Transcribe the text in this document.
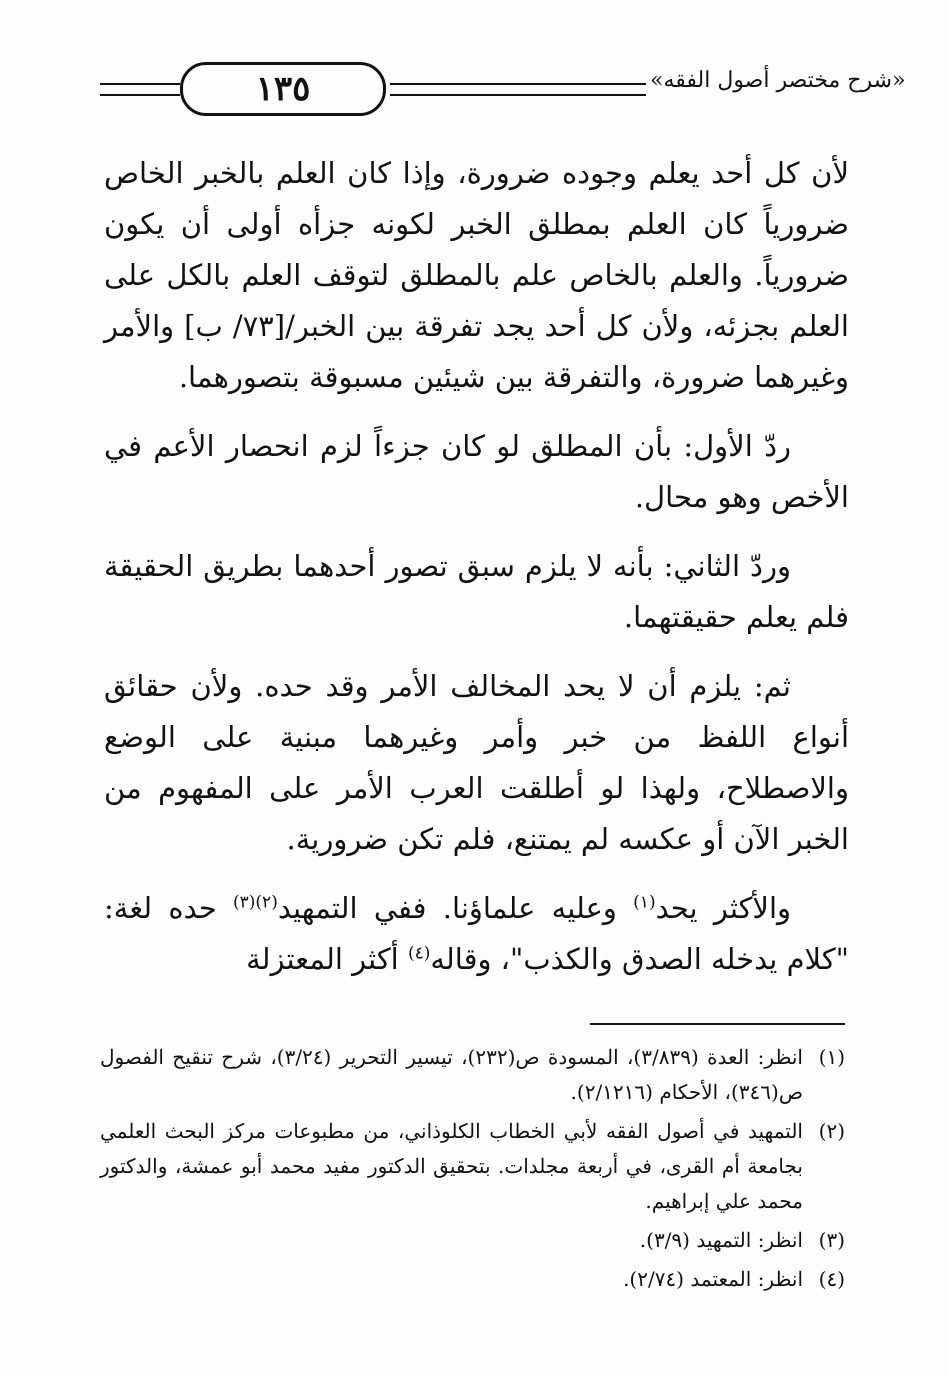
١٣٥	«شرح مختصر أصول الفقه»

لأن كل أحد يعلم وجوده ضرورة، وإذا كان العلم بالخبر الخاص ضرورياً كان العلم بمطلق الخبر لكونه جزأه أولى أن يكون ضرورياً. والعلم بالخاص علم بالمطلق لتوقف العلم بالكل على العلم بجزئه، ولأن كل أحد يجد تفرقة بين الخبر/[٧٣/ ب] والأمر وغيرهما ضرورة، والتفرقة بين شيئين مسبوقة بتصورهما.

ردّ الأول: بأن المطلق لو كان جزءاً لزم انحصار الأعم في الأخص وهو محال.

وردّ الثاني: بأنه لا يلزم سبق تصور أحدهما بطريق الحقيقة فلم يعلم حقيقتهما.

ثم: يلزم أن لا يحد المخالف الأمر وقد حده. ولأن حقائق أنواع اللفظ من خبر وأمر وغيرهما مبنية على الوضع والاصطلاح، ولهذا لو أطلقت العرب الأمر على المفهوم من الخبر الآن أو عكسه لم يمتنع، فلم تكن ضرورية.

والأكثر يحد$^{(١)}$ وعليه علماؤنا. ففي التمهيد$^{(٢)(٣)}$ حده لغة: "كلام يدخله الصدق والكذب"، وقاله$^{(٤)}$ أكثر المعتزلة

(١)
انظر: العدة (٣/٨٣٩)، المسودة ص(٢٣٢)، تيسير التحرير (٣/٢٤)، شرح تنقيح الفصول ص(٣٤٦)، الأحكام (٢/١٢١٦).
(٢)
التمهيد في أصول الفقه لأبي الخطاب الكلوذاني، من مطبوعات مركز البحث العلمي بجامعة أم القرى، في أربعة مجلدات. بتحقيق الدكتور مفيد محمد أبو عمشة، والدكتور محمد علي إبراهيم.
(٣)
انظر: التمهيد (٣/٩).
(٤)
انظر: المعتمد (٢/٧٤).
